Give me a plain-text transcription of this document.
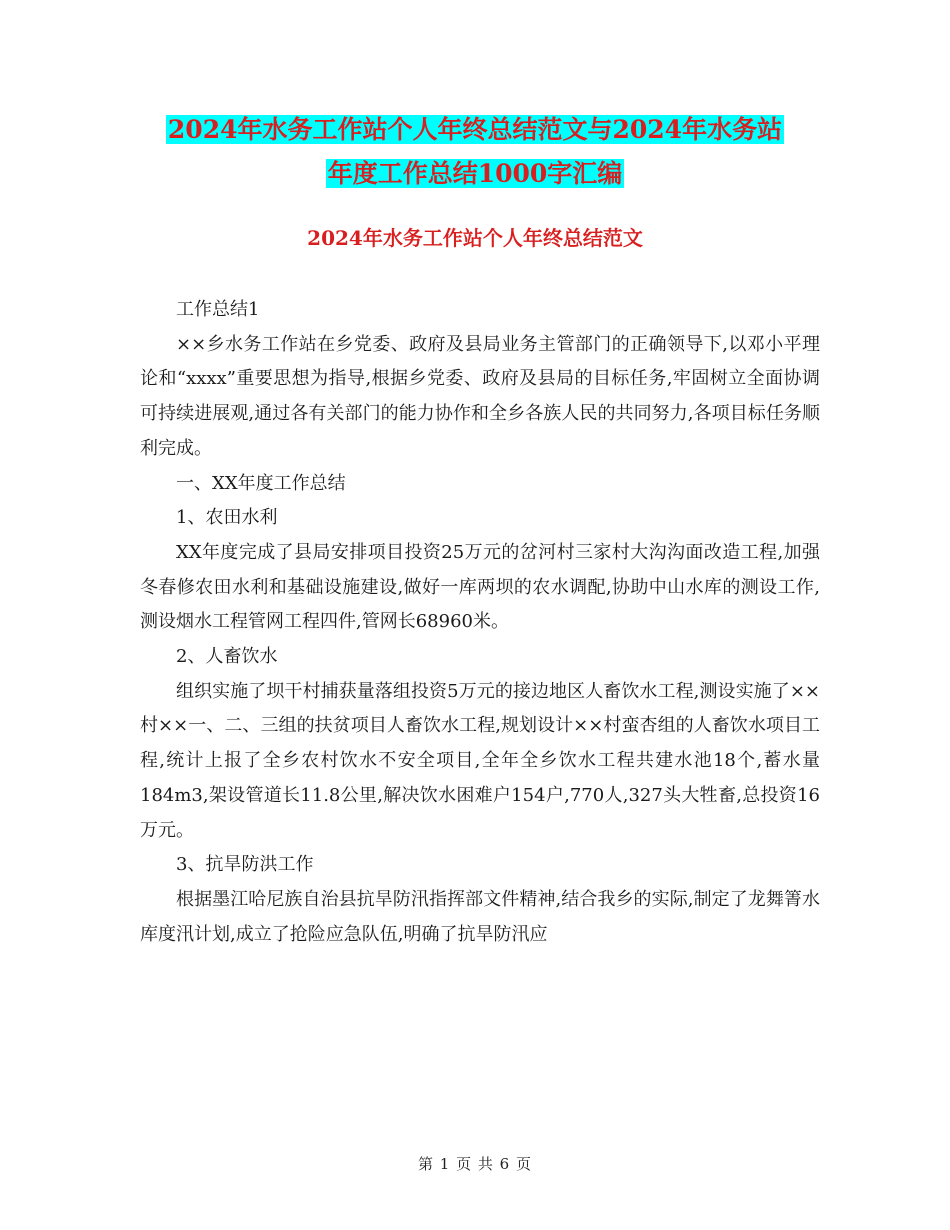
2024年水务工作站个人年终总结范文与2024年水务站
年度工作总结1000字汇编
2024年水务工作站个人年终总结范文

工作总结1

××乡水务工作站在乡党委、政府及县局业务主管部门的正确领导下,以邓小平理论和“xxxx”重要思想为指导,根据乡党委、政府及县局的目标任务,牢固树立全面协调可持续进展观,通过各有关部门的能力协作和全乡各族人民的共同努力,各项目标任务顺利完成。

一、XX年度工作总结

1、农田水利

XX年度完成了县局安排项目投资25万元的岔河村三家村大沟沟面改造工程,加强冬春修农田水利和基础设施建设,做好一库两坝的农水调配,协助中山水库的测设工作,测设烟水工程管网工程四件,管网长68960米。

2、人畜饮水

组织实施了坝干村捕获量落组投资5万元的接边地区人畜饮水工程,测设实施了××村××一、二、三组的扶贫项目人畜饮水工程,规划设计××村蛮杏组的人畜饮水项目工程,统计上报了全乡农村饮水不安全项目,全年全乡饮水工程共建水池18个,蓄水量184m3,架设管道长11.8公里,解决饮水困难户154户,770人,327头大牲畜,总投资16万元。

3、抗旱防洪工作

根据墨江哈尼族自治县抗旱防汛指挥部文件精神,结合我乡的实际,制定了龙舞箐水库度汛计划,成立了抢险应急队伍,明确了抗旱防汛应

第 1 页 共 6 页
